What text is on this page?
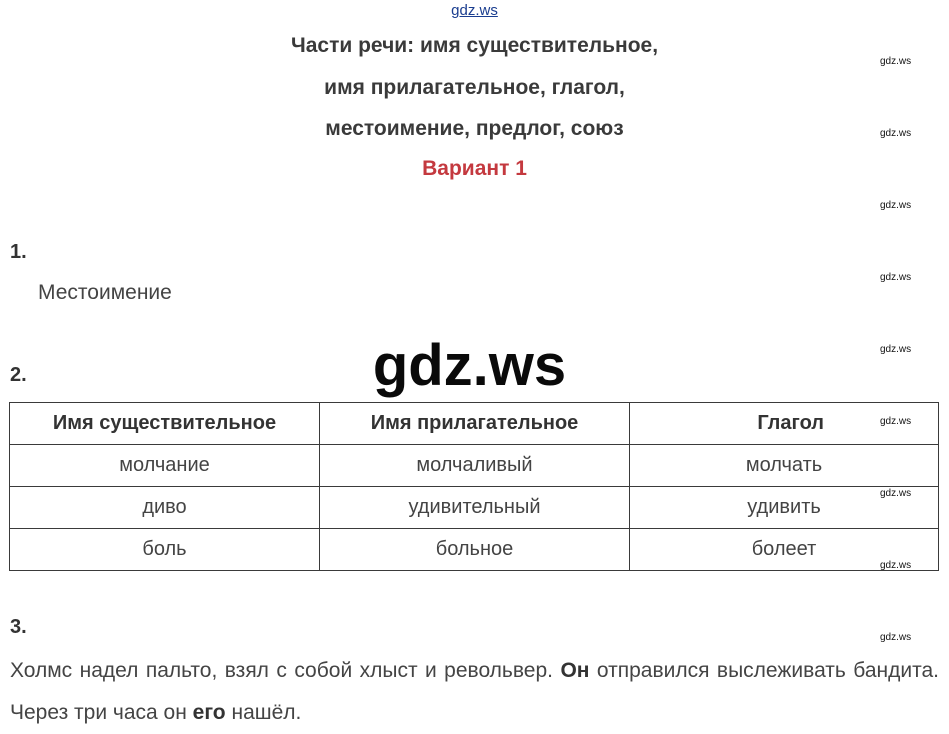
gdz.ws
Части речи: имя существительное,
имя прилагательное, глагол,
местоимение, предлог, союз
Вариант 1
gdz.ws
gdz.ws
gdz.ws
gdz.ws
gdz.ws
gdz.ws
gdz.ws
gdz.ws
gdz.ws
1.
Местоимение
2.	gdz.ws
Имя существительное	Имя прилагательное	Глагол
молчание	молчаливый	молчать
диво	удивительный	удивить
боль	больное	болеет
3.
Холмс надел пальто, взял с собой хлыст и револьвер. Он отправился выслеживать бандита. Через три часа он его нашёл.
